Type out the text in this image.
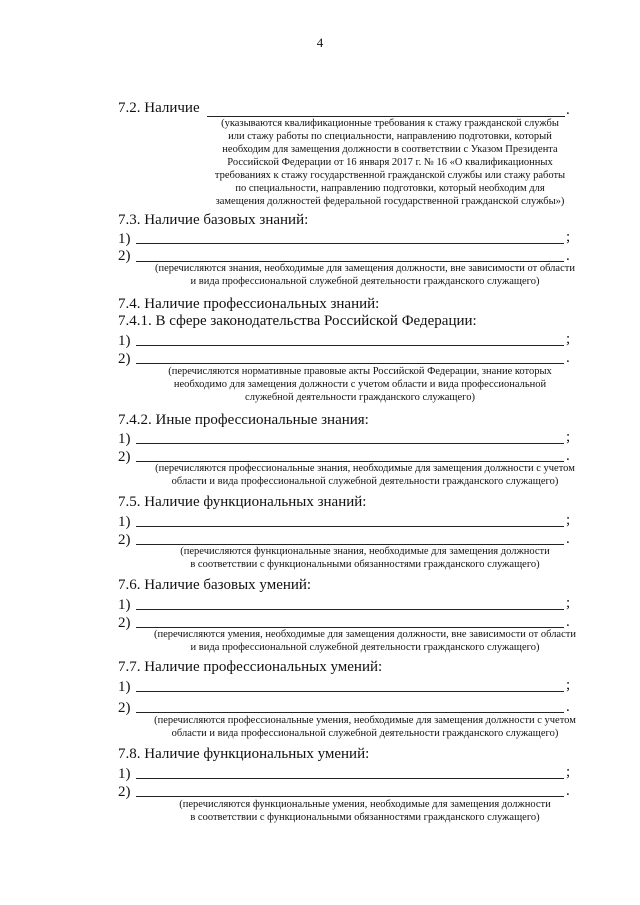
4
7.2. Наличие	.
(указываются квалификационные требования к стажу гражданской службы
или стажу работы по специальности, направлению подготовки, который
необходим для замещения должности в соответствии с Указом Президента
Российской Федерации от 16 января 2017 г. № 16 «О квалификационных
требованиях к стажу государственной гражданской службы или стажу работы
по специальности, направлению подготовки, который необходим для
замещения должностей федеральной государственной гражданской службы»)
7.3. Наличие базовых знаний:
1)	;
2)	.
(перечисляются знания, необходимые для замещения должности, вне зависимости от области
и вида профессиональной служебной деятельности гражданского служащего)
7.4. Наличие профессиональных знаний:
7.4.1. В сфере законодательства Российской Федерации:
1)	;
2)	.
(перечисляются нормативные правовые акты Российской Федерации, знание которых
необходимо для замещения должности с учетом области и вида профессиональной
служебной деятельности гражданского служащего)
7.4.2. Иные профессиональные знания:
1)	;
2)	.
(перечисляются профессиональные знания, необходимые для замещения должности с учетом
области и вида профессиональной служебной деятельности гражданского служащего)
7.5. Наличие функциональных знаний:
1)	;
2)	.
(перечисляются функциональные знания, необходимые для замещения должности
в соответствии с функциональными обязанностями гражданского служащего)
7.6. Наличие базовых умений:
1)	;
2)	.
(перечисляются умения, необходимые для замещения должности, вне зависимости от области
и вида профессиональной служебной деятельности гражданского служащего)
7.7. Наличие профессиональных умений:
1)	;
2)	.
(перечисляются профессиональные умения, необходимые для замещения должности с учетом
области и вида профессиональной служебной деятельности гражданского служащего)
7.8. Наличие функциональных умений:
1)	;
2)	.
(перечисляются функциональные умения, необходимые для замещения должности
в соответствии с функциональными обязанностями гражданского служащего)
